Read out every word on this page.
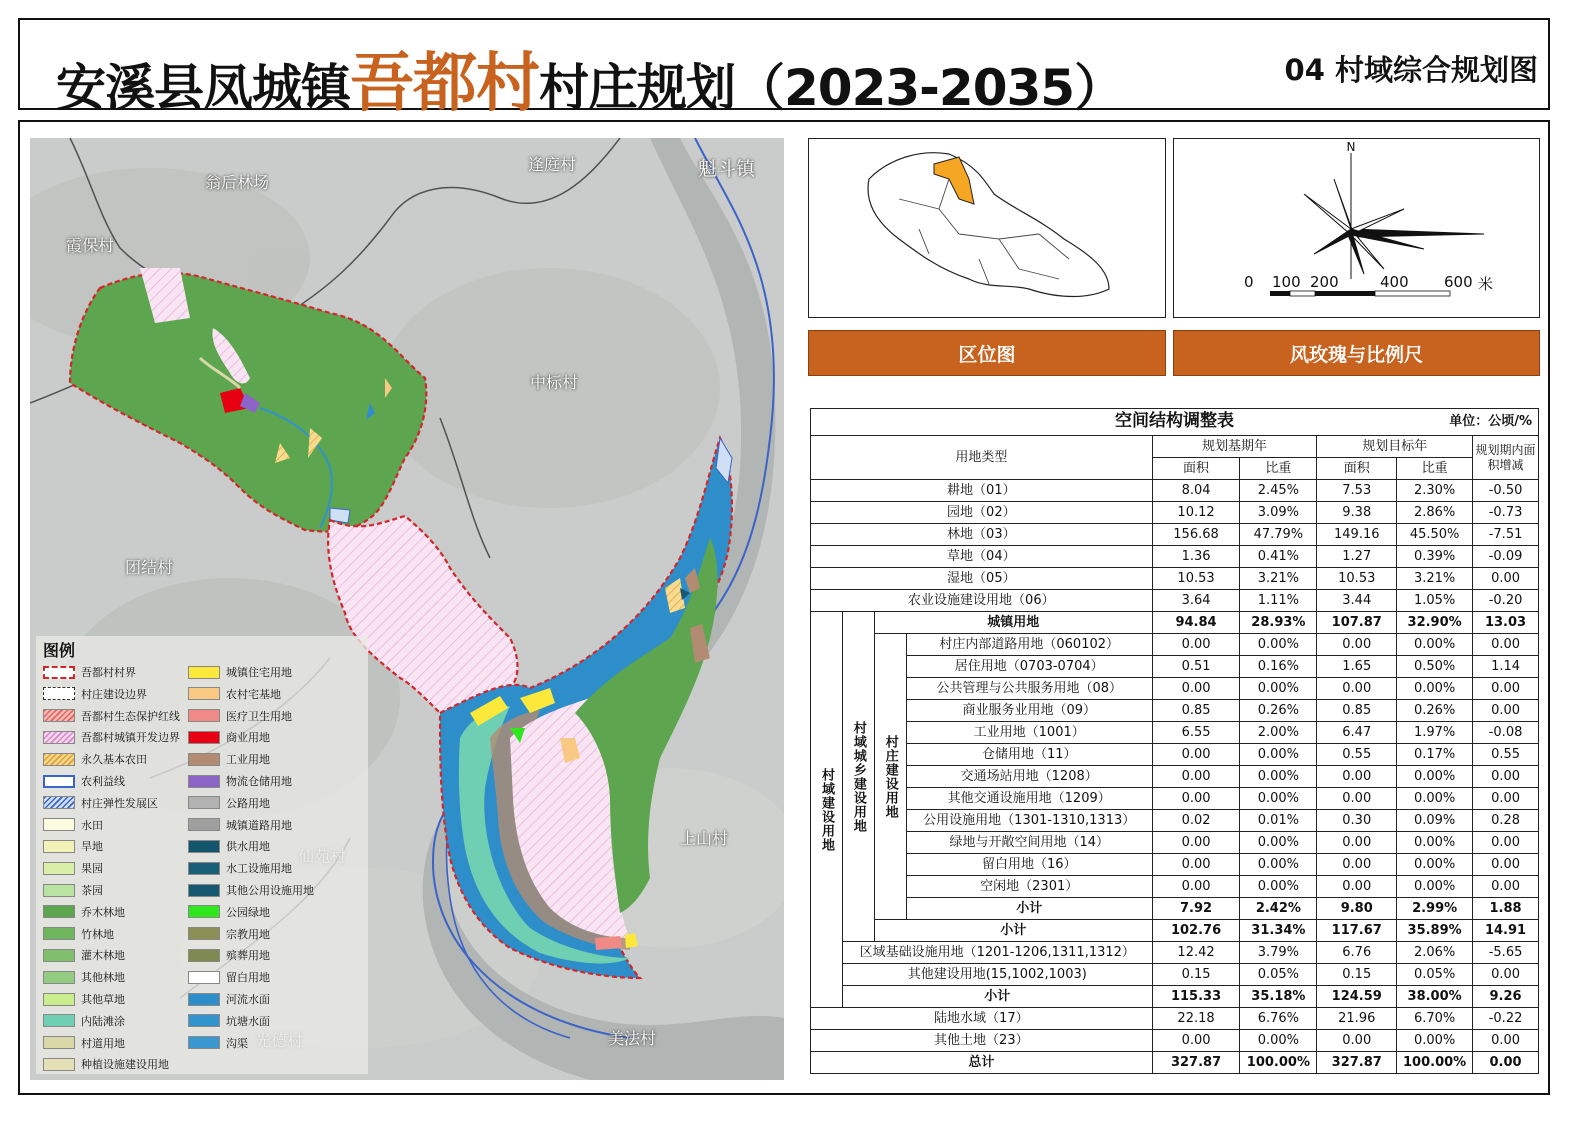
安溪县凤城镇吾都村村庄规划（2023-2035）	04 村域综合规划图
逢庭村	魁斗镇
翁后林场
霞保村
中标村
团结村
上山村
美法村
图例
吾都村村界
村庄建设边界
吾都村生态保护红线
吾都村城镇开发边界
永久基本农田
农利益线
村庄弹性发展区
水田
旱地
果园
茶园
乔木林地
竹林地
灌木林地
其他林地
其他草地
内陆滩涂
村道用地
种植设施建设用地
城镇住宅用地
农村宅基地
医疗卫生用地
商业用地
工业用地
物流仓储用地
公路用地
城镇道路用地
供水用地
水工设施用地
其他公用设施用地
公园绿地
宗教用地
殡葬用地
留白用地
河流水面
坑塘水面
沟渠
N
0 100 200	400 600 米
区位图	风玫瑰与比例尺
空间结构调整表 单位：公顷/%								

用地类型				规划基期年		规划目标年		规划期内面积增减
				面积	比重	面积	比重	
耕地（01）				8.04	2.45%	7.53	2.30%	-0.50
园地（02）				10.12	3.09%	9.38	2.86%	-0.73
林地（03）				156.68	47.79%	149.16	45.50%	-7.51
草地（04）				1.36	0.41%	1.27	0.39%	-0.09
湿地（05）				10.53	3.21%	10.53	3.21%	0.00
农业设施建设用地（06）				3.64	1.11%	3.44	1.05%	-0.20
村域建设用地	村域城乡建设用地	城镇用地		94.84	28.93%	107.87	32.90%	13.03
		村庄建设用地	村庄内部道路用地（060102）	0.00	0.00%	0.00	0.00%	0.00
			居住用地（0703-0704）	0.51	0.16%	1.65	0.50%	1.14
			公共管理与公共服务用地（08）	0.00	0.00%	0.00	0.00%	0.00
			商业服务业用地（09）	0.85	0.26%	0.85	0.26%	0.00
			工业用地（1001）	6.55	2.00%	6.47	1.97%	-0.08
			仓储用地（11）	0.00	0.00%	0.55	0.17%	0.55
			交通场站用地（1208）	0.00	0.00%	0.00	0.00%	0.00
			其他交通设施用地（1209）	0.00	0.00%	0.00	0.00%	0.00
			公用设施用地（1301-1310,1313）	0.02	0.01%	0.30	0.09%	0.28
			绿地与开敞空间用地（14）	0.00	0.00%	0.00	0.00%	0.00
			留白用地（16）	0.00	0.00%	0.00	0.00%	0.00
			空闲地（2301）	0.00	0.00%	0.00	0.00%	0.00
			小计	7.92	2.42%	9.80	2.99%	1.88
		小计		102.76	31.34%	117.67	35.89%	14.91
	区域基础设施用地（1201-1206,1311,1312）			12.42	3.79%	6.76	2.06%	-5.65
	其他建设用地(15,1002,1003)			0.15	0.05%	0.15	0.05%	0.00
	小计			115.33	35.18%	124.59	38.00%	9.26
陆地水域（17）				22.18	6.76%	21.96	6.70%	-0.22
其他土地（23）				0.00	0.00%	0.00	0.00%	0.00
总计				327.87	100.00%	327.87	100.00%	0.00
